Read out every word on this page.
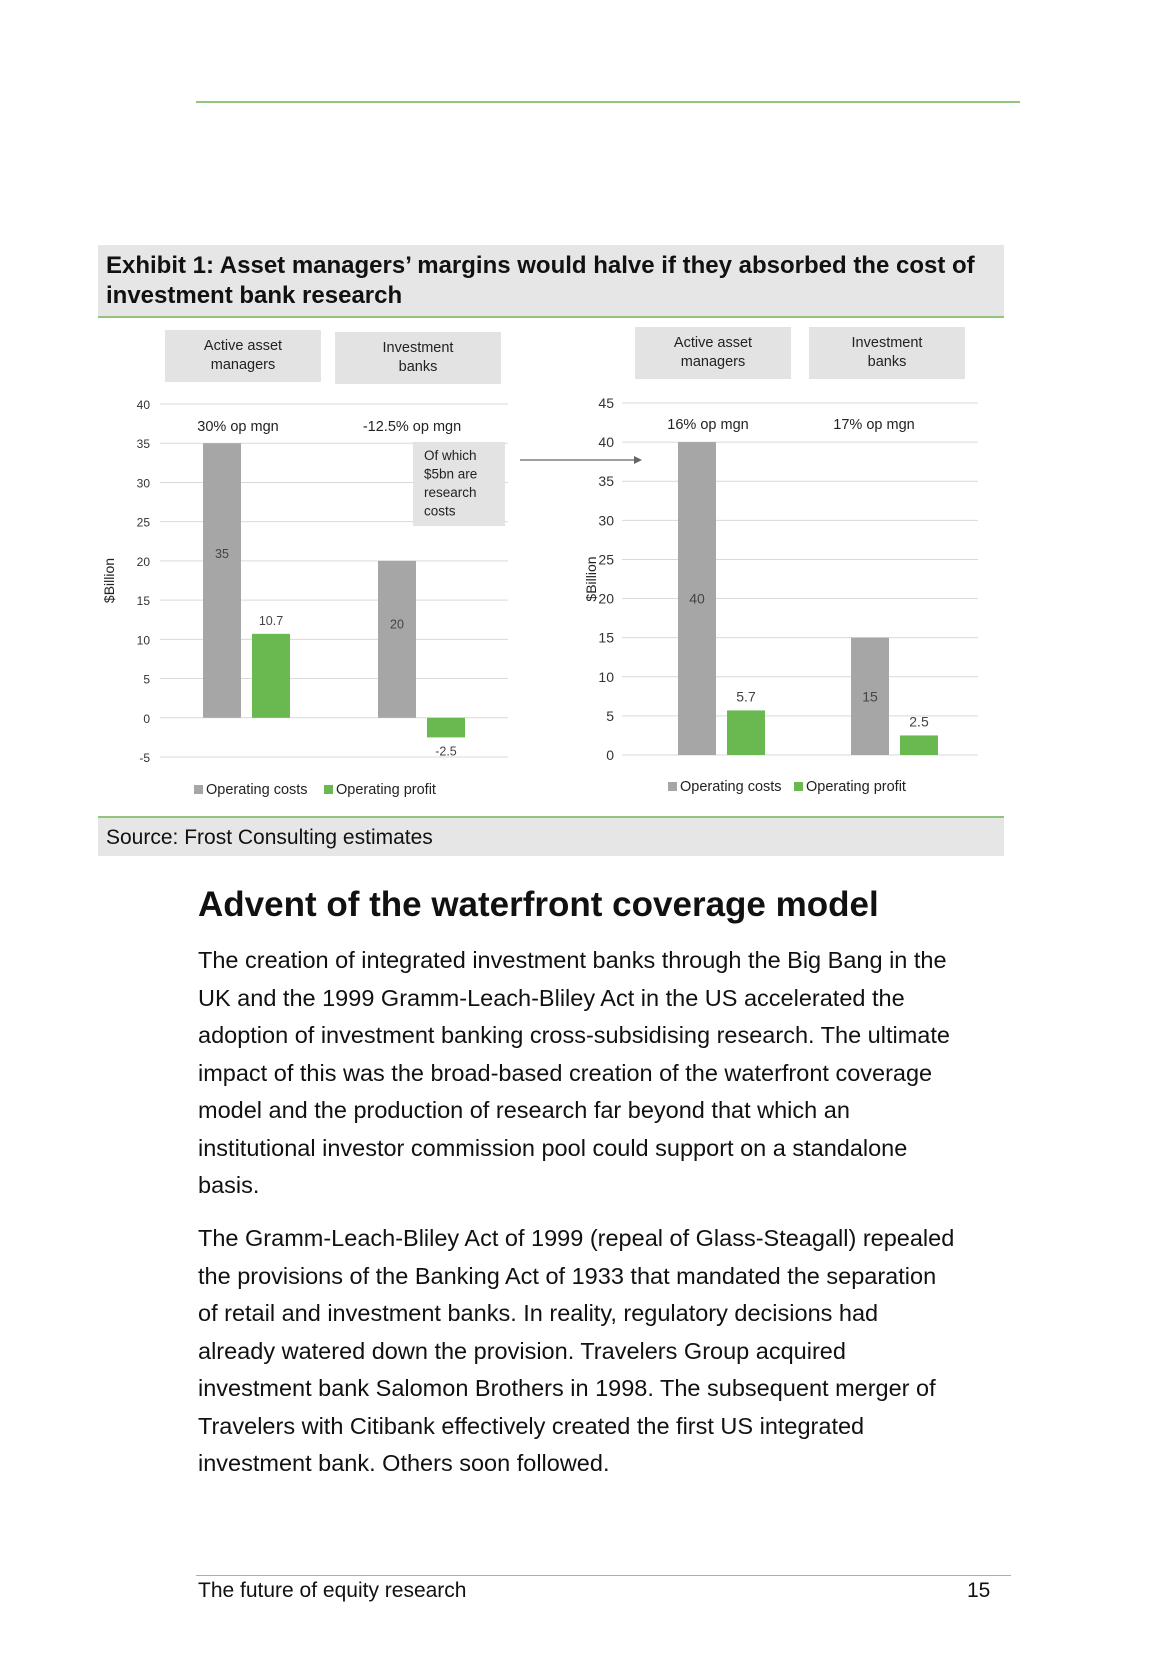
Exhibit 1: Asset managers’ margins would halve if they absorbed the cost of investment bank research
Active asset
managers
Investment
banks
40
35
30
25
20
15
10
5
0
-5
$Billion
35
10.7	20
-2.5
30% op mgn	-12.5% op mgn
Operating costs Operating profit
Of which
$5bn are
research
costs
Active asset
managers
Investment
banks
45
40
35
30
25
20
15
10
5
0
$Billion	40
5.7	15
2.5
16% op mgn	17% op mgn
Operating costs Operating profit
Source: Frost Consulting estimates
Advent of the waterfront coverage model
The creation of integrated investment banks through the Big Bang in the
UK and the 1999 Gramm-Leach-Bliley Act in the US accelerated the
adoption of investment banking cross-subsidising research. The ultimate
impact of this was the broad-based creation of the waterfront coverage
model and the production of research far beyond that which an
institutional investor commission pool could support on a standalone
basis.
The Gramm-Leach-Bliley Act of 1999 (repeal of Glass-Steagall) repealed
the provisions of the Banking Act of 1933 that mandated the separation
of retail and investment banks. In reality, regulatory decisions had
already watered down the provision. Travelers Group acquired
investment bank Salomon Brothers in 1998. The subsequent merger of
Travelers with Citibank effectively created the first US integrated
investment bank. Others soon followed.
The future of equity research	15
